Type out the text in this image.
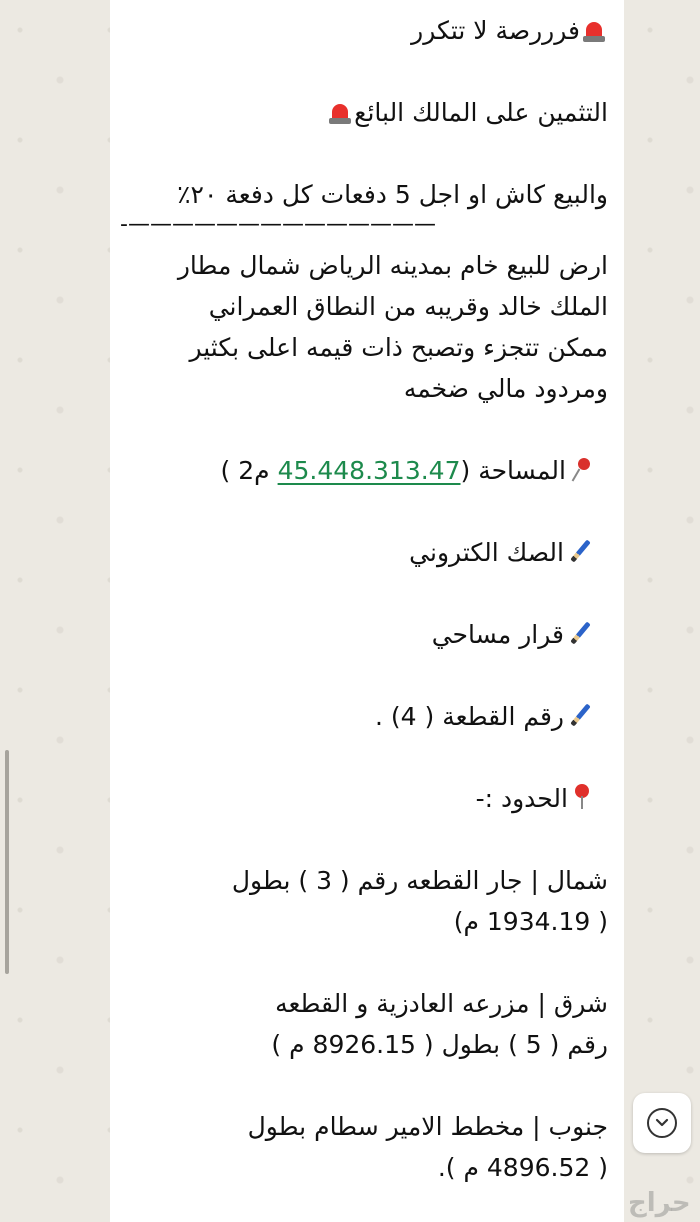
فرررصة لا تتكرر
التثمين على المالك البائع
والبيع كاش او اجل 5 دفعات كل دفعة ٢٠٪
-——————————————
ارض للبيع خام بمدينه الرياض شمال مطار
الملك خالد وقريبه من النطاق العمراني
ممكن تتجزء وتصبح ذات قيمه اعلى بكثير
ومردود مالي ضخمه
المساحة (45.448.313.47 م2 )
الصك الكتروني
قرار مساحي
رقم القطعة ( 4) .
الحدود :-
شمال | جار القطعه رقم ( 3 ) بطول
( 1934.19 م)
شرق | مزرعه العادزية و القطعه
رقم ( 5 ) بطول ( 8926.15 م )
جنوب | مخطط الامير سطام بطول
( 4896.52 م ).
حراج
